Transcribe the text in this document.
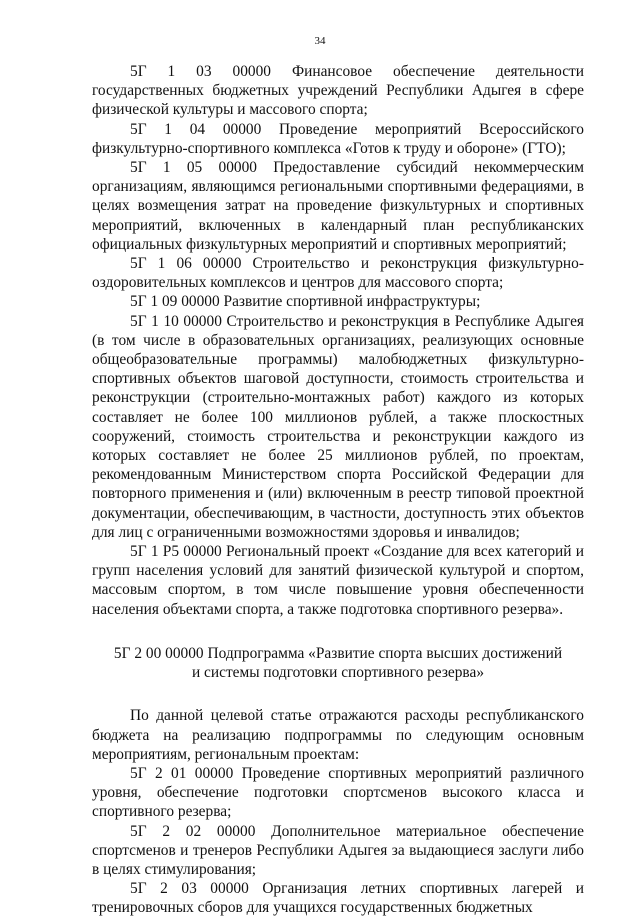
34

5Г 1 03 00000 Финансовое обеспечение деятельности государственных бюджетных учреждений Республики Адыгея в сфере физической культуры и массового спорта;

5Г 1 04 00000 Проведение мероприятий Всероссийского физкультурно-спортивного комплекса «Готов к труду и обороне» (ГТО);

5Г 1 05 00000 Предоставление субсидий некоммерческим организациям, являющимся региональными спортивными федерациями, в целях возмещения затрат на проведение физкультурных и спортивных мероприятий, включенных в календарный план республиканских официальных физкультурных мероприятий и спортивных мероприятий;

5Г 1 06 00000 Строительство и реконструкция физкультурно-оздоровительных комплексов и центров для массового спорта;

5Г 1 09 00000 Развитие спортивной инфраструктуры;

5Г 1 10 00000 Строительство и реконструкция в Республике Адыгея (в том числе в образовательных организациях, реализующих основные общеобразовательные программы) малобюджетных физкультурно-спортивных объектов шаговой доступности, стоимость строительства и реконструкции (строительно-монтажных работ) каждого из которых составляет не более 100 миллионов рублей, а также плоскостных сооружений, стоимость строительства и реконструкции каждого из которых составляет не более 25 миллионов рублей, по проектам, рекомендованным Министерством спорта Российской Федерации для повторного применения и (или) включенным в реестр типовой проектной документации, обеспечивающим, в частности, доступность этих объектов для лиц с ограниченными возможностями здоровья и инвалидов;

5Г 1 P5 00000 Региональный проект «Создание для всех категорий и групп населения условий для занятий физической культурой и спортом, массовым спортом, в том числе повышение уровня обеспеченности населения объектами спорта, а также подготовка спортивного резерва».

5Г 2 00 00000 Подпрограмма «Развитие спорта высших достижений
и системы подготовки спортивного резерва»

По данной целевой статье отражаются расходы республиканского бюджета на реализацию подпрограммы по следующим основным мероприятиям, региональным проектам:

5Г 2 01 00000 Проведение спортивных мероприятий различного уровня, обеспечение подготовки спортсменов высокого класса и спортивного резерва;

5Г 2 02 00000 Дополнительное материальное обеспечение спортсменов и тренеров Республики Адыгея за выдающиеся заслуги либо в целях стимулирования;

5Г 2 03 00000 Организация летних спортивных лагерей и тренировочных сборов для учащихся государственных бюджетных
